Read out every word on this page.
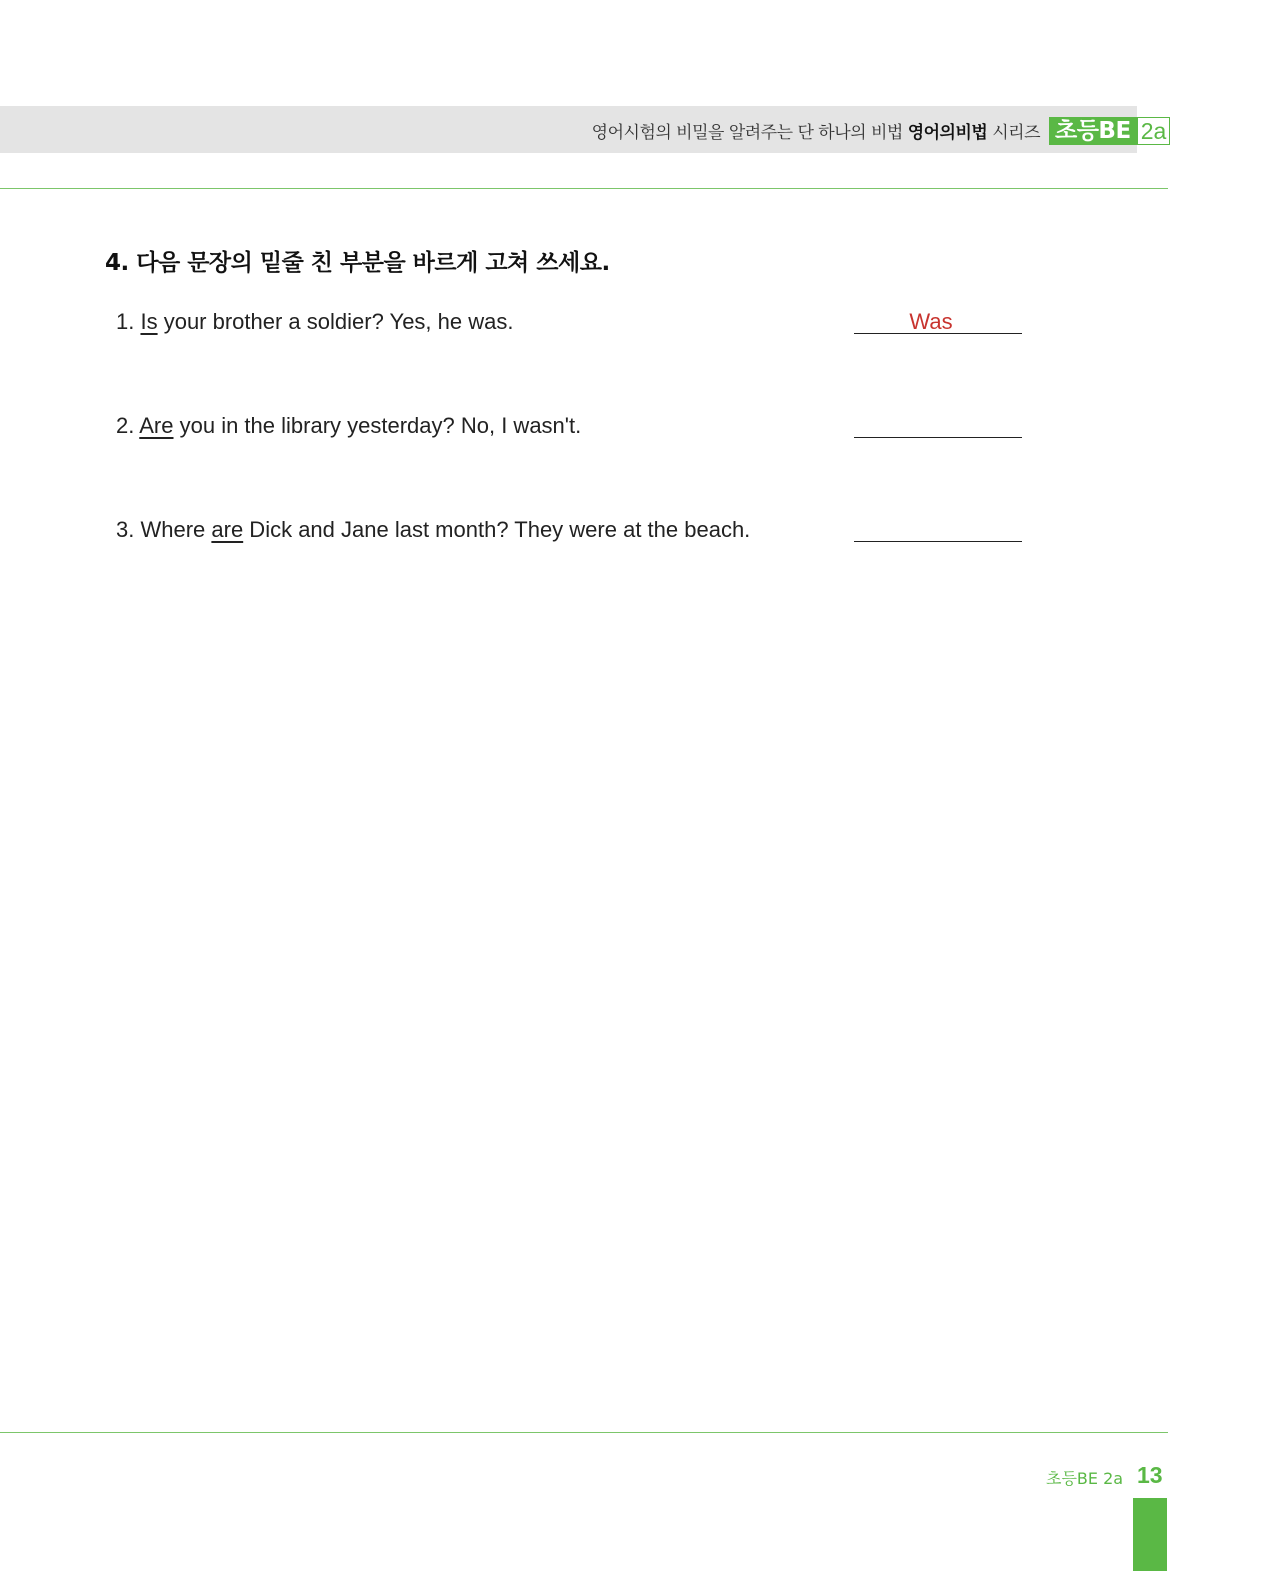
영어시험의 비밀을 알려주는 단 하나의 비법 영어의비법 시리즈 초등BE 2a
4. 다음 문장의 밑줄 친 부분을 바르게 고쳐 쓰세요.
1. Is your brother a soldier? Yes, he was.	Was
2. Are you in the library yesterday? No, I wasn't.
3. Where are Dick and Jane last month? They were at the beach.
초등BE 2a 13
